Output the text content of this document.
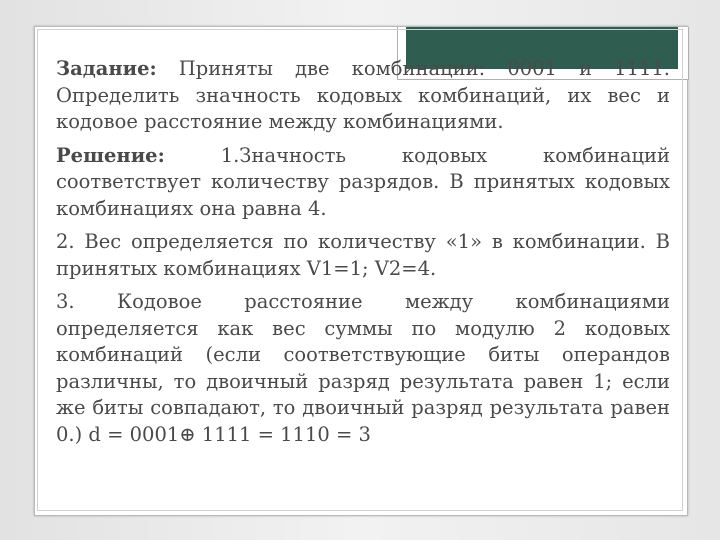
Задание: Приняты две комбинации: 0001 и 1111. Определить значность кодовых комбинаций, их вес и кодовое расстояние между комбинациями.

Решение: 1.Значность кодовых комбинаций соответствует количеству разрядов. В принятых кодовых комбинациях она равна 4.

2. Вес определяется по количеству «1» в комбинации. В принятых комбинациях V1=1; V2=4.

3. Кодовое расстояние между комбинациями определяется как вес суммы по модулю 2 кодовых комбинаций (если соответствующие биты операндов различны, то двоичный разряд результата равен 1; если же биты совпадают, то двоичный разряд результата равен 0.) d = 0001⊕ 1111 = 1110 = 3
